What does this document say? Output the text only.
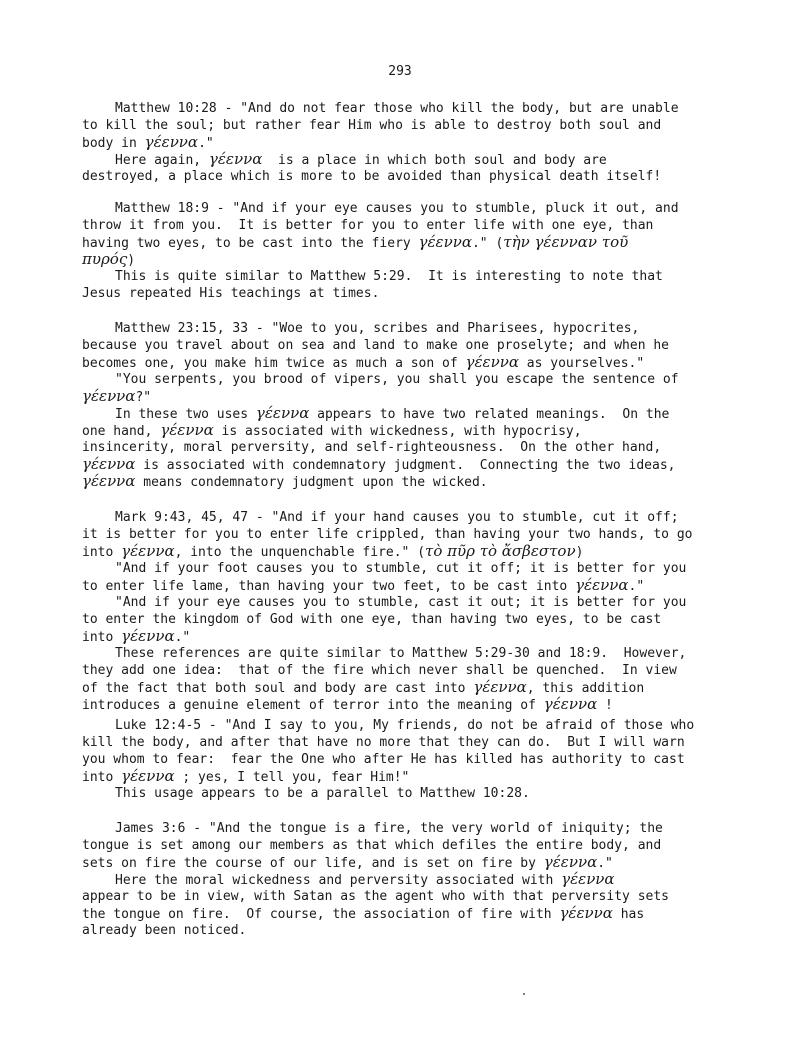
293
Matthew 10:28 - "And do not fear those who kill the body, but are unable
to kill the soul; but rather fear Him who is able to destroy both soul and
body in γέεννα."
Here again, γέεννα  is a place in which both soul and body are
destroyed, a place which is more to be avoided than physical death itself!
Matthew 18:9 - "And if your eye causes you to stumble, pluck it out, and
throw it from you.  It is better for you to enter life with one eye, than
having two eyes, to be cast into the fiery γέεννα." (τὴν γέενναν τοῦ
πυρός)
This is quite similar to Matthew 5:29.  It is interesting to note that
Jesus repeated His teachings at times.
Matthew 23:15, 33 - "Woe to you, scribes and Pharisees, hypocrites,
because you travel about on sea and land to make one proselyte; and when he
becomes one, you make him twice as much a son of γέεννα as yourselves."
"You serpents, you brood of vipers, you shall you escape the sentence of
γέεννα?"
In these two uses γέεννα appears to have two related meanings.  On the
one hand, γέεννα is associated with wickedness, with hypocrisy,
insincerity, moral perversity, and self-righteousness.  On the other hand,
γέεννα is associated with condemnatory judgment.  Connecting the two ideas,
γέεννα means condemnatory judgment upon the wicked.
Mark 9:43, 45, 47 - "And if your hand causes you to stumble, cut it off;
it is better for you to enter life crippled, than having your two hands, to go
into γέεννα, into the unquenchable fire." (τὸ πῦρ τὸ ἄσβεστον)
"And if your foot causes you to stumble, cut it off; it is better for you
to enter life lame, than having your two feet, to be cast into γέεννα."
"And if your eye causes you to stumble, cast it out; it is better for you
to enter the kingdom of God with one eye, than having two eyes, to be cast
into γέεννα."
These references are quite similar to Matthew 5:29-30 and 18:9.  However,
they add one idea:  that of the fire which never shall be quenched.  In view
of the fact that both soul and body are cast into γέεννα, this addition
introduces a genuine element of terror into the meaning of γέεννα !
Luke 12:4-5 - "And I say to you, My friends, do not be afraid of those who
kill the body, and after that have no more that they can do.  But I will warn
you whom to fear:  fear the One who after He has killed has authority to cast
into γέεννα ; yes, I tell you, fear Him!"
This usage appears to be a parallel to Matthew 10:28.
James 3:6 - "And the tongue is a fire, the very world of iniquity; the
tongue is set among our members as that which defiles the entire body, and
sets on fire the course of our life, and is set on fire by γέεννα."
Here the moral wickedness and perversity associated with γέεννα
appear to be in view, with Satan as the agent who with that perversity sets
the tongue on fire.  Of course, the association of fire with γέεννα has
already been noticed.
